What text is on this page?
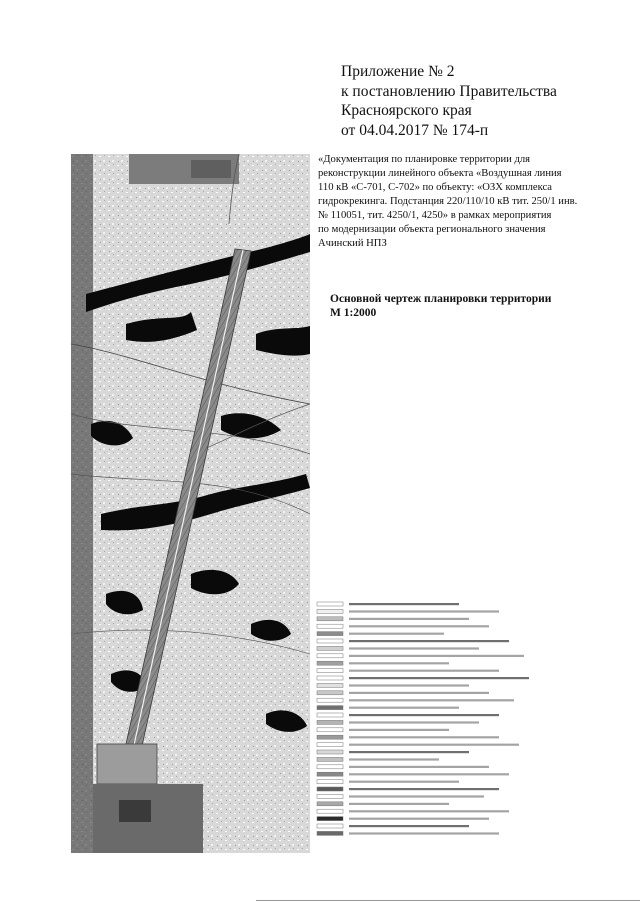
Приложение № 2
к постановлению Правительства
Красноярского края
от 04.04.2017 № 174-п
«Документация по планировке территории для
реконструкции линейного объекта «Воздушная линия
110 кВ «С-701, С-702» по объекту: «ОЗХ комплекса
гидрокрекинга. Подстанция 220/110/10 кВ тит. 250/1 инв.
№ 110051, тит. 4250/1, 4250» в рамках мероприятия
по модернизации объекта регионального значения
Ачинский НПЗ
Основной чертеж планировки территории
М 1:2000
